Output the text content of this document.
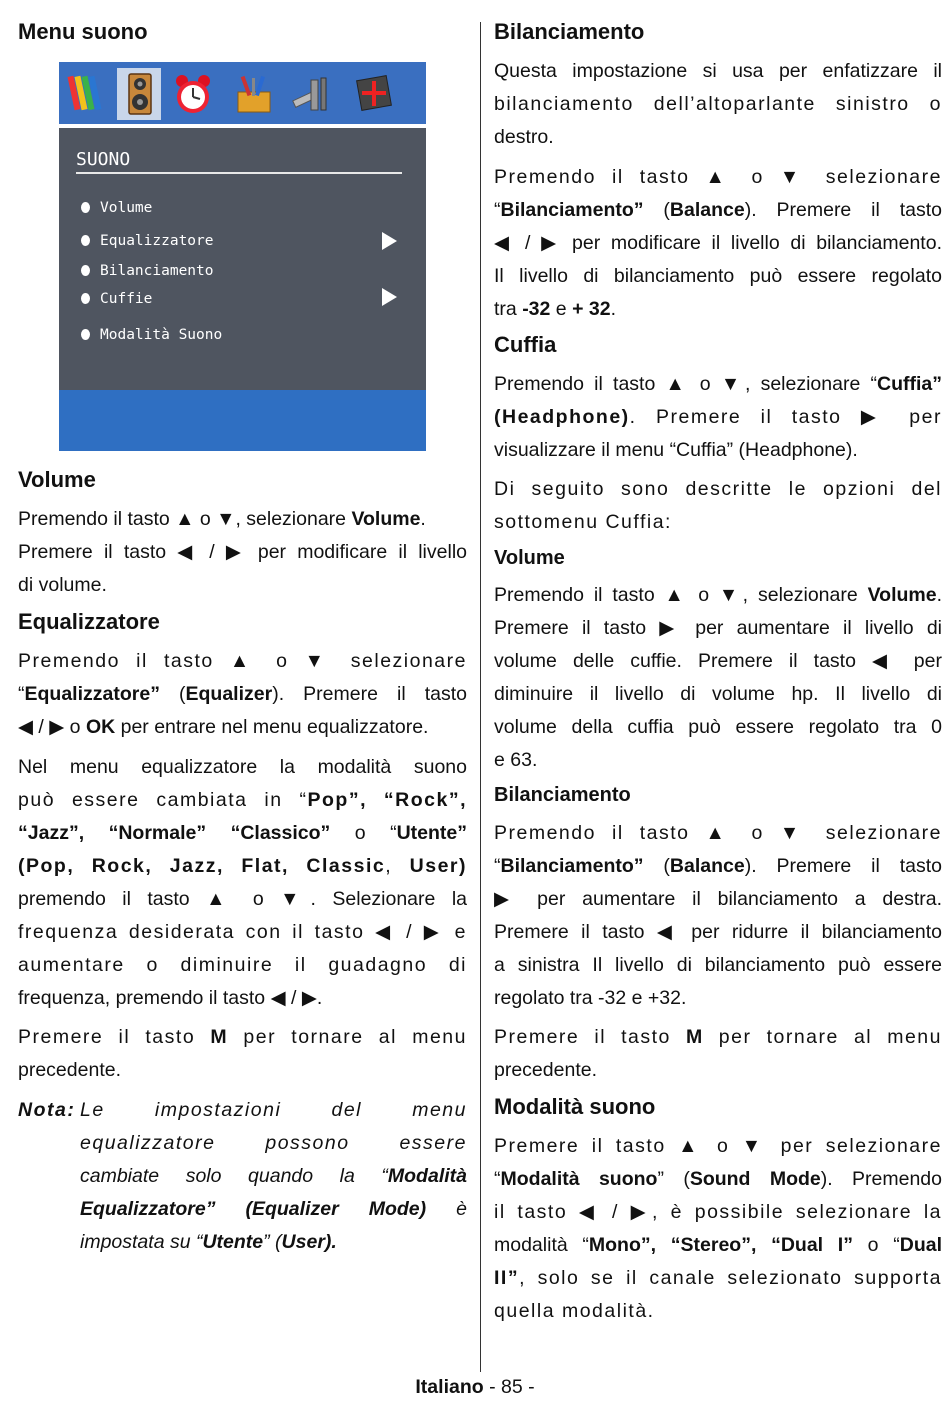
Menu suono
Volume

Premendo il tasto ▲ o ▼, selezionare Volume.

Premere il tasto ◀ / ▶ per modificare il livello

di volume.

Equalizzatore

Premendo il tasto ▲ o ▼ selezionare

“Equalizzatore” (Equalizer). Premere il tasto

◀ / ▶ o OK per entrare nel menu equalizzatore.

Nel menu equalizzatore la modalità suono

può essere cambiata in “Pop”, “Rock”,

“Jazz”, “Normale” “Classico” o “Utente”

(Pop, Rock, Jazz, Flat, Classic, User)

premendo il tasto ▲ o ▼. Selezionare la

frequenza desiderata con il tasto ◀ / ▶ e

aumentare o diminuire il guadagno di

frequenza, premendo il tasto ◀ / ▶.

Premere il tasto M per tornare al menu

precedente.

Nota: Le impostazioni del menu

equalizzatore possono essere

cambiate solo quando la “Modalità

Equalizzatore” (Equalizer Mode) è

impostata su “Utente” (User).

SUONO
Volume
Equalizzatore
Bilanciamento
Cuffie
Modalità Suono
Bilanciamento

Questa impostazione si usa per enfatizzare il

bilanciamento dell’altoparlante sinistro o

destro.

Premendo il tasto ▲ o ▼ selezionare

“Bilanciamento” (Balance). Premere il tasto

◀ / ▶ per modificare il livello di bilanciamento.

Il livello di bilanciamento può essere regolato

tra -32 e + 32.

Cuffia

Premendo il tasto ▲ o ▼, selezionare “Cuffia”

(Headphone). Premere il tasto ▶ per

visualizzare il menu “Cuffia” (Headphone).

Di seguito sono descritte le opzioni del

sottomenu Cuffia:

Volume

Premendo il tasto ▲ o ▼, selezionare Volume.

Premere il tasto ▶ per aumentare il livello di

volume delle cuffie. Premere il tasto ◀ per

diminuire il livello di volume hp. Il livello di

volume della cuffia può essere regolato tra 0

e 63.

Bilanciamento

Premendo il tasto ▲ o ▼ selezionare

“Bilanciamento” (Balance). Premere il tasto

▶ per aumentare il bilanciamento a destra.

Premere il tasto ◀ per ridurre il bilanciamento

a sinistra Il livello di bilanciamento può essere

regolato tra -32 e +32.

Premere il tasto M per tornare al menu

precedente.

Modalità suono

Premere il tasto ▲ o ▼ per selezionare

“Modalità suono” (Sound Mode). Premendo

il tasto ◀ / ▶, è possibile selezionare la

modalità “Mono”, “Stereo”, “Dual I” o “Dual

II”, solo se il canale selezionato supporta

quella modalità.

Italiano - 85 -
